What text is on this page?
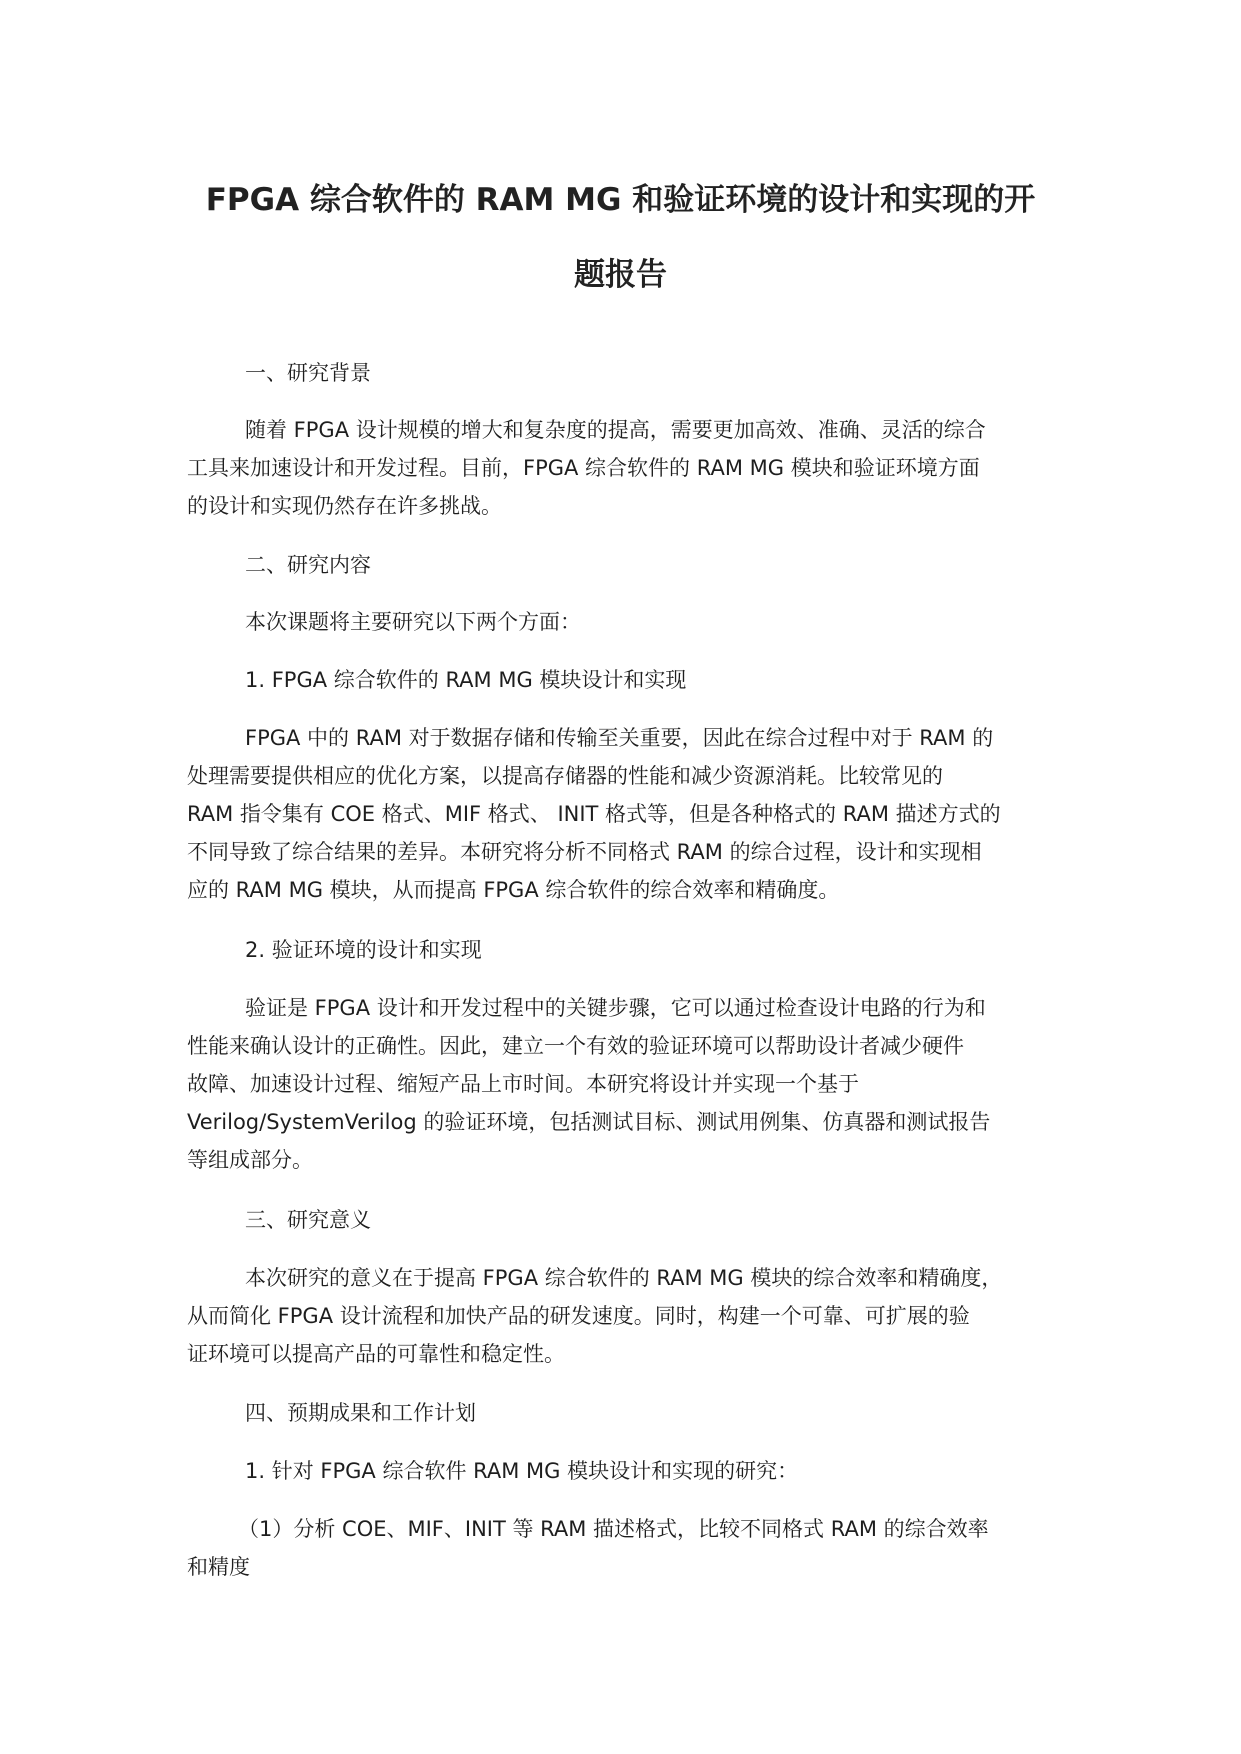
FPGA 综合软件的 RAM MG 和验证环境的设计和实现的开
题报告
一、研究背景
随着 FPGA 设计规模的增大和复杂度的提高，需要更加高效、准确、灵活的综合
工具来加速设计和开发过程。目前，FPGA 综合软件的 RAM MG 模块和验证环境方面
的设计和实现仍然存在许多挑战。
二、研究内容
本次课题将主要研究以下两个方面：
1. FPGA 综合软件的 RAM MG 模块设计和实现
FPGA 中的 RAM 对于数据存储和传输至关重要，因此在综合过程中对于 RAM 的
处理需要提供相应的优化方案，以提高存储器的性能和减少资源消耗。比较常见的
RAM 指令集有 COE 格式、MIF 格式、 INIT 格式等，但是各种格式的 RAM 描述方式的
不同导致了综合结果的差异。本研究将分析不同格式 RAM 的综合过程，设计和实现相
应的 RAM MG 模块，从而提高 FPGA 综合软件的综合效率和精确度。
2. 验证环境的设计和实现
验证是 FPGA 设计和开发过程中的关键步骤，它可以通过检查设计电路的行为和
性能来确认设计的正确性。因此，建立一个有效的验证环境可以帮助设计者减少硬件
故障、加速设计过程、缩短产品上市时间。本研究将设计并实现一个基于
Verilog/SystemVerilog 的验证环境，包括测试目标、测试用例集、仿真器和测试报告
等组成部分。
三、研究意义
本次研究的意义在于提高 FPGA 综合软件的 RAM MG 模块的综合效率和精确度，
从而简化 FPGA 设计流程和加快产品的研发速度。同时，构建一个可靠、可扩展的验
证环境可以提高产品的可靠性和稳定性。
四、预期成果和工作计划
1. 针对 FPGA 综合软件 RAM MG 模块设计和实现的研究：
（1）分析 COE、MIF、INIT 等 RAM 描述格式，比较不同格式 RAM 的综合效率
和精度
